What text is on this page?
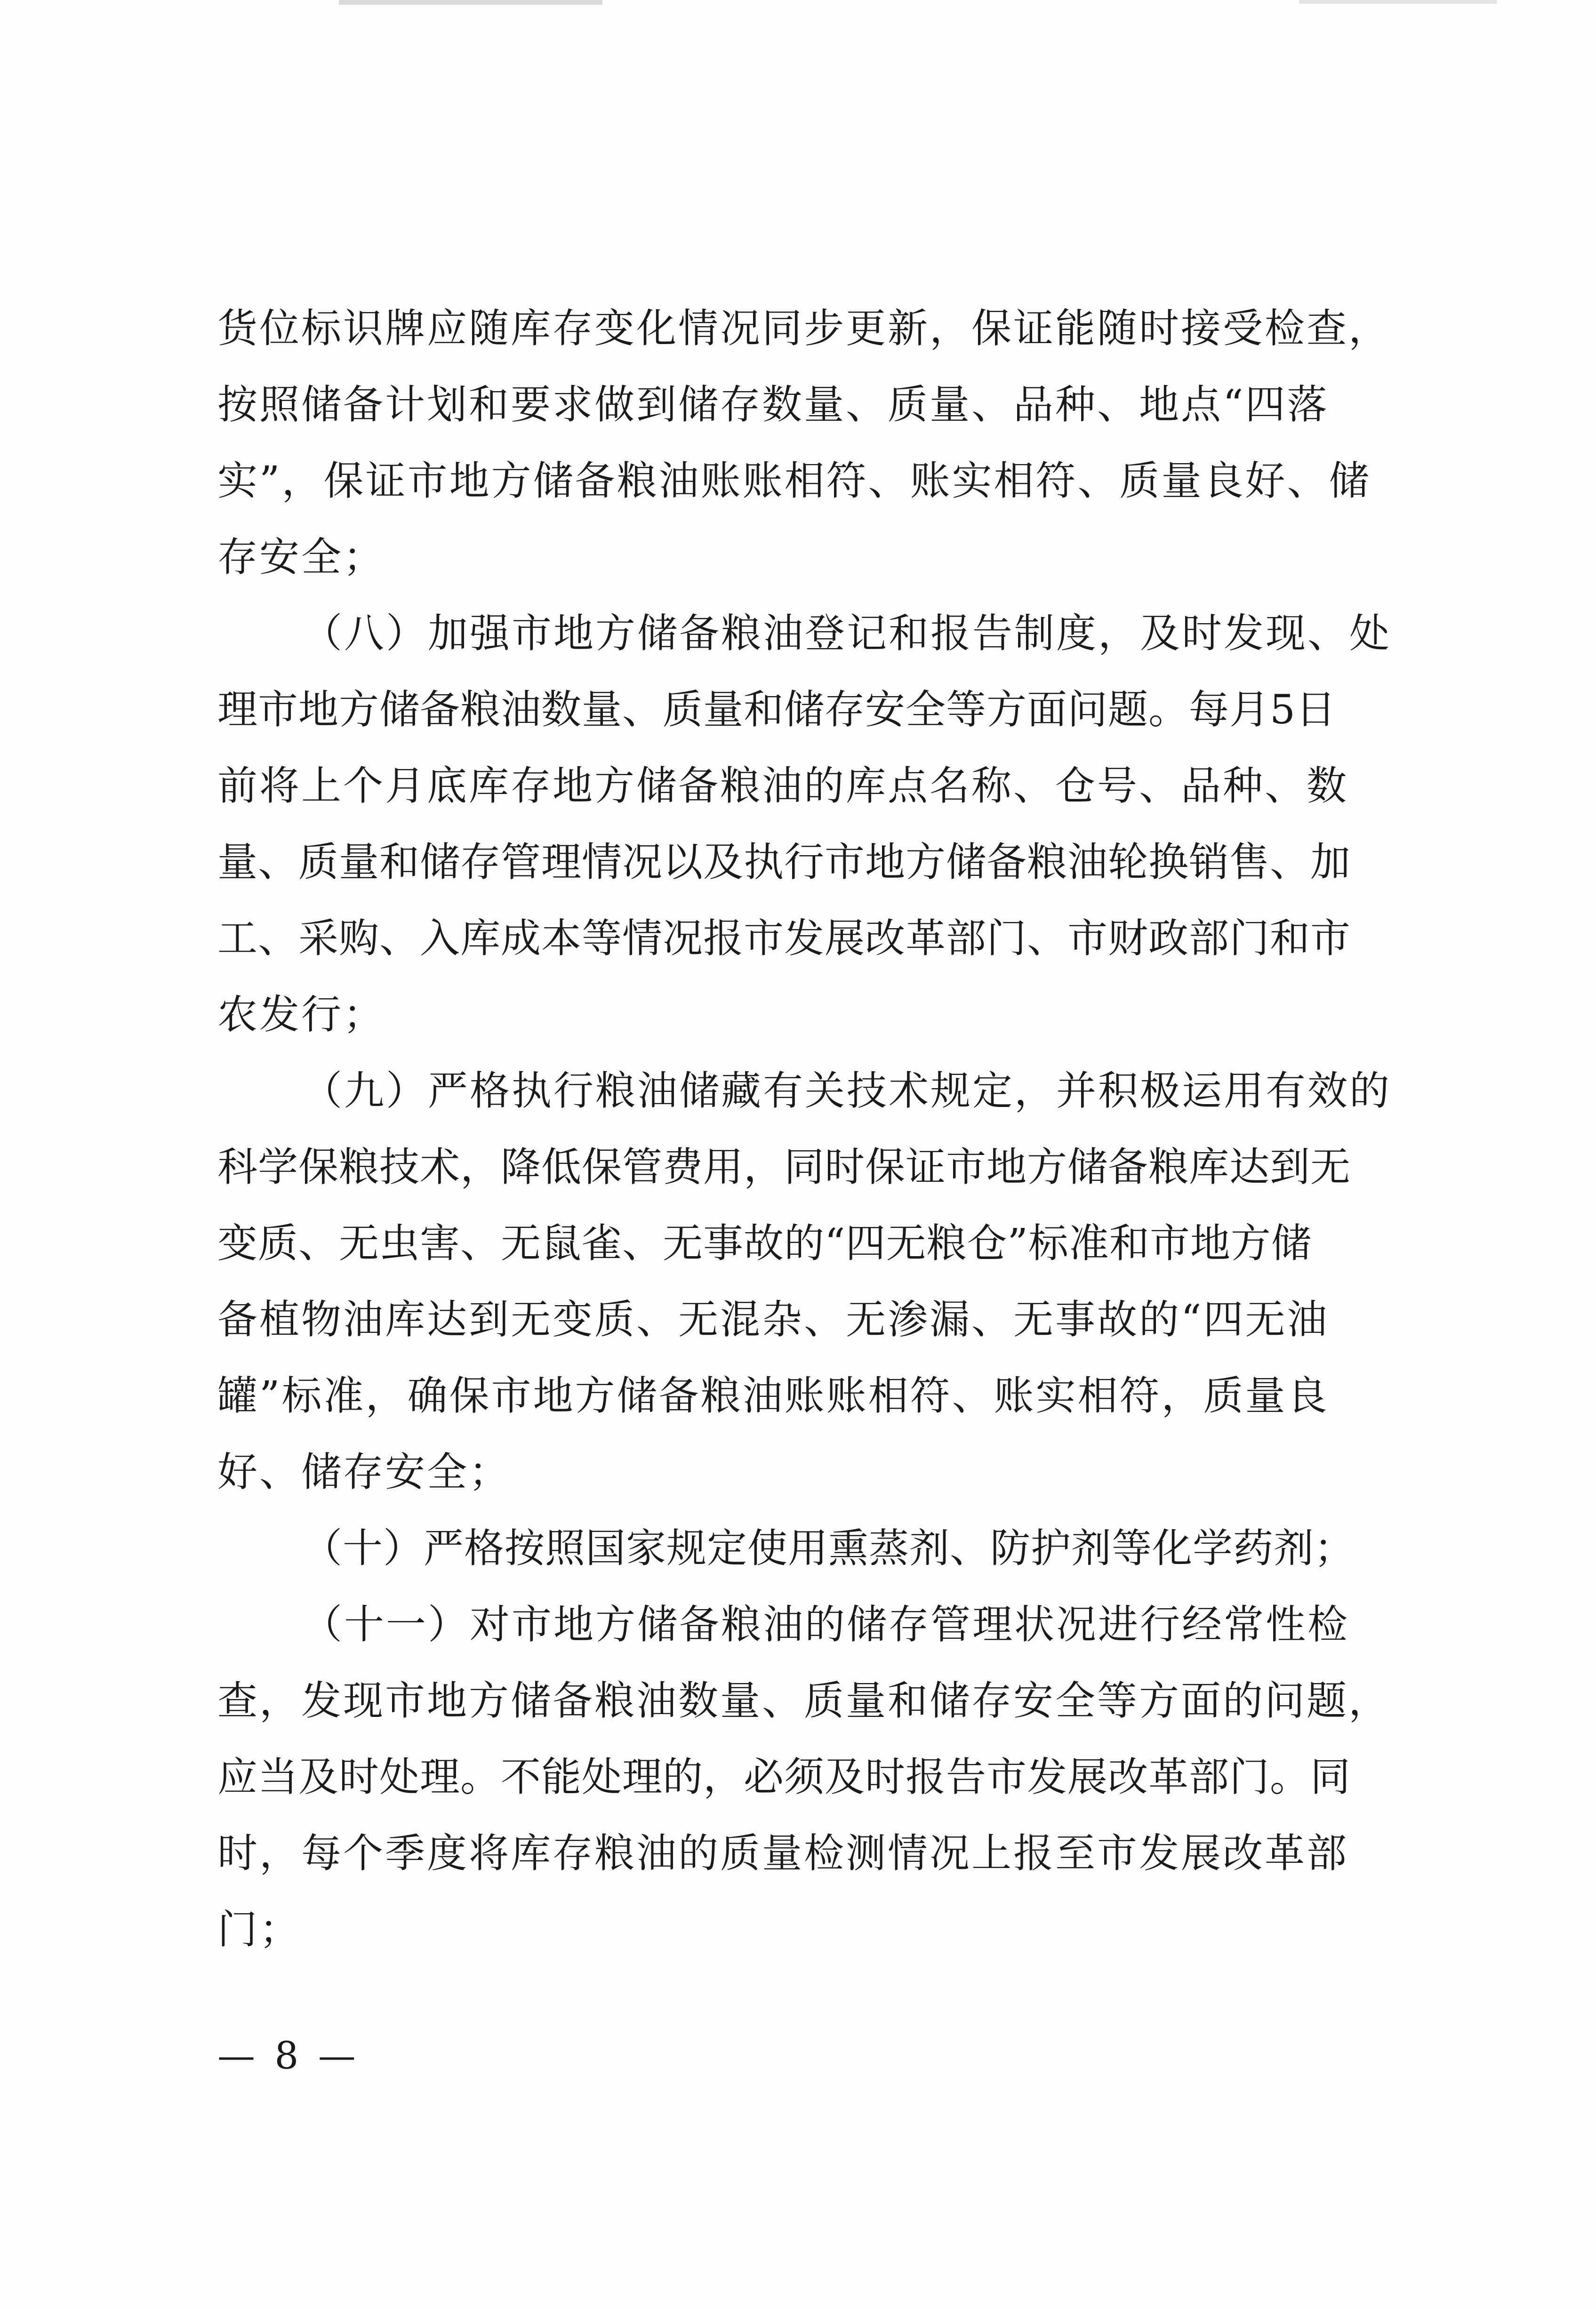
货位标识牌应随库存变化情况同步更新，保证能随时接受检查，
按照储备计划和要求做到储存数量、质量、品种、地点“四落
实”，保证市地方储备粮油账账相符、账实相符、质量良好、储
存安全；
（八）加强市地方储备粮油登记和报告制度，及时发现、处
理市地方储备粮油数量、质量和储存安全等方面问题。每月5日
前将上个月底库存地方储备粮油的库点名称、仓号、品种、数
量、质量和储存管理情况以及执行市地方储备粮油轮换销售、加
工、采购、入库成本等情况报市发展改革部门、市财政部门和市
农发行；
（九）严格执行粮油储藏有关技术规定，并积极运用有效的
科学保粮技术，降低保管费用，同时保证市地方储备粮库达到无
变质、无虫害、无鼠雀、无事故的“四无粮仓”标准和市地方储
备植物油库达到无变质、无混杂、无渗漏、无事故的“四无油
罐”标准，确保市地方储备粮油账账相符、账实相符，质量良
好、储存安全；
（十）严格按照国家规定使用熏蒸剂、防护剂等化学药剂；
（十一）对市地方储备粮油的储存管理状况进行经常性检
查，发现市地方储备粮油数量、质量和储存安全等方面的问题，
应当及时处理。不能处理的，必须及时报告市发展改革部门。同
时，每个季度将库存粮油的质量检测情况上报至市发展改革部
门；
— 8 —
